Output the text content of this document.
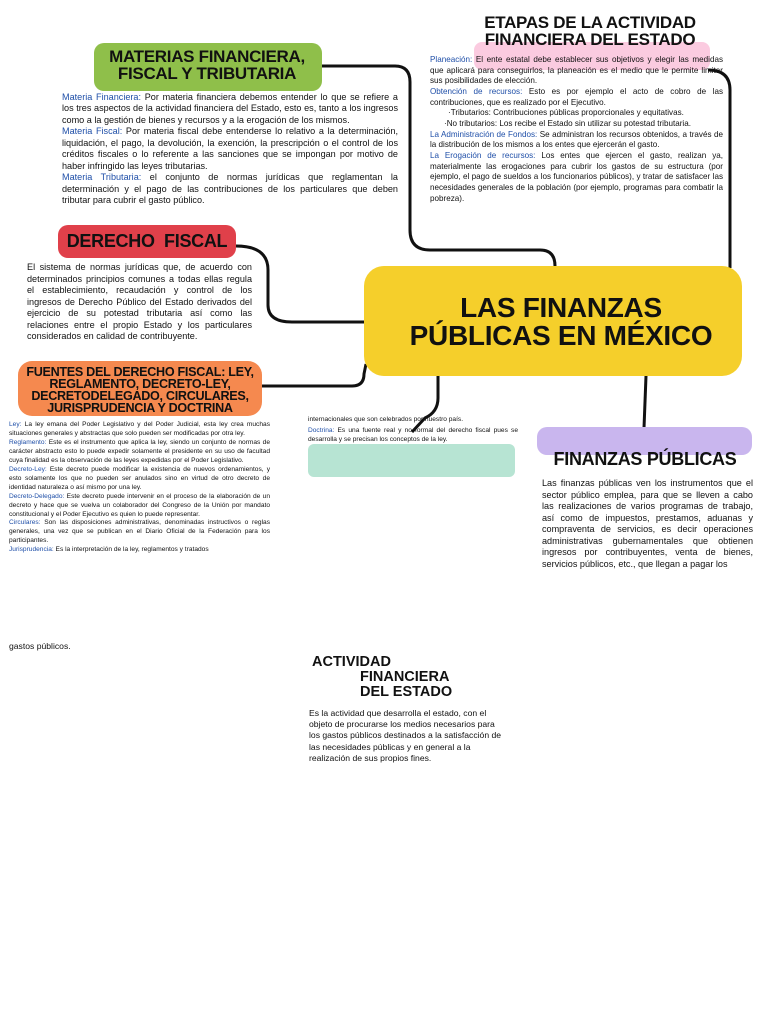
LAS FINANZAS PÚBLICAS EN MÉXICO
MATERIAS FINANCIERA, FISCAL Y TRIBUTARIA

Materia Financiera: Por materia financiera debemos entender lo que se refiere a los tres aspectos de la actividad financiera del Estado, esto es, tanto a los ingresos como a la gestión de bienes y recursos y a la erogación de los mismos.

Materia Fiscal: Por materia fiscal debe entenderse lo relativo a la determinación, liquidación, el pago, la devolución, la exención, la prescripción o el control de los créditos fiscales o lo referente a las sanciones que se impongan por motivo de haber infringido las leyes tributarias.

Materia Tributaria: el conjunto de normas jurídicas que reglamentan la determinación y el pago de las contribuciones de los particulares que deben tributar para cubrir el gasto público.

ETAPAS DE LA ACTIVIDAD FINANCIERA DEL ESTADO

Planeación: El ente estatal debe establecer sus objetivos y elegir las medidas que aplicará para conseguirlos, la planeación es el medio que le permite limitar sus posibilidades de elección.

Obtención de recursos: Esto es por ejemplo el acto de cobro de las contribuciones, que es realizado por el Ejecutivo.

·Tributarios: Contribuciones públicas proporcionales y equitativas.

·No tributarios: Los recibe el Estado sin utilizar su potestad tributaria.

La Administración de Fondos: Se administran los recursos obtenidos, a través de la distribución de los mismos a los entes que ejercerán el gasto.

La Erogación de recursos: Los entes que ejercen el gasto, realizan ya, materialmente las erogaciones para cubrir los gastos de su estructura (por ejemplo, el pago de sueldos a los funcionarios públicos), y tratar de satisfacer las necesidades generales de la población (por ejemplo, programas para combatir la pobreza).

DERECHO  FISCAL
El sistema de normas jurídicas que, de acuerdo con determinados principios comunes a todas ellas regula el establecimiento, recaudación y control de los ingresos de Derecho Público del Estado derivados del ejercicio de su potestad tributaria así como las relaciones entre el propio Estado y los particulares considerados en calidad de contribuyente.
FUENTES DEL DERECHO FISCAL: LEY, REGLAMENTO, DECRETO-LEY, DECRETODELEGADO, CIRCULARES, JURISPRUDENCIA Y DOCTRINA

Ley: La ley emana del Poder Legislativo y del Poder Judicial, esta ley crea muchas situaciones generales y abstractas que solo pueden ser modificadas por otra ley.

Reglamento: Este es el instrumento que aplica la ley, siendo un conjunto de normas de carácter abstracto esto lo puede expedir solamente el presidente en su uso de facultad cuya finalidad es la observación de las leyes expedidas por el Poder Legislativo.

Decreto-Ley: Este decreto puede modificar la existencia de nuevos ordenamientos, y esto solamente los que no pueden ser anulados sino en virtud de otro decreto de identidad naturaleza o así mismo por una ley.

Decreto-Delegado: Este decreto puede intervenir en el proceso de la elaboración de un decreto y hace que se vuelva un colaborador del Congreso de la Unión por mandato constitucional y el Poder Ejecutivo es quien lo puede representar.

Circulares: Son las disposiciones administrativas, denominadas instructivos o reglas generales, una vez que se publican en el Diario Oficial de la Federación para los participantes.

Jurisprudencia: Es la interpretación de la ley, reglamentos y tratados

internacionales que son celebrados por nuestro país.
Doctrina: Es una fuente real y no formal del derecho fiscal pues se desarrolla y se precisan los conceptos de la ley.
FINANZAS PÚBLICAS
Las finanzas públicas ven los instrumentos que el sector público emplea, para que se lleven a cabo las realizaciones de varios programas de trabajo, así como de impuestos, prestamos, aduanas y compraventa de servicios, es decir operaciones administrativas gubernamentales que obtienen ingresos por contribuyentes, venta de bienes, servicios públicos, etc., que llegan a pagar los
gastos públicos.
ACTIVIDAD
FINANCIERA
DEL ESTADO
Es la actividad que desarrolla el estado, con el objeto de procurarse los medios necesarios para los gastos públicos destinados a la satisfacción de las necesidades públicas y en general a la realización de sus propios fines.
